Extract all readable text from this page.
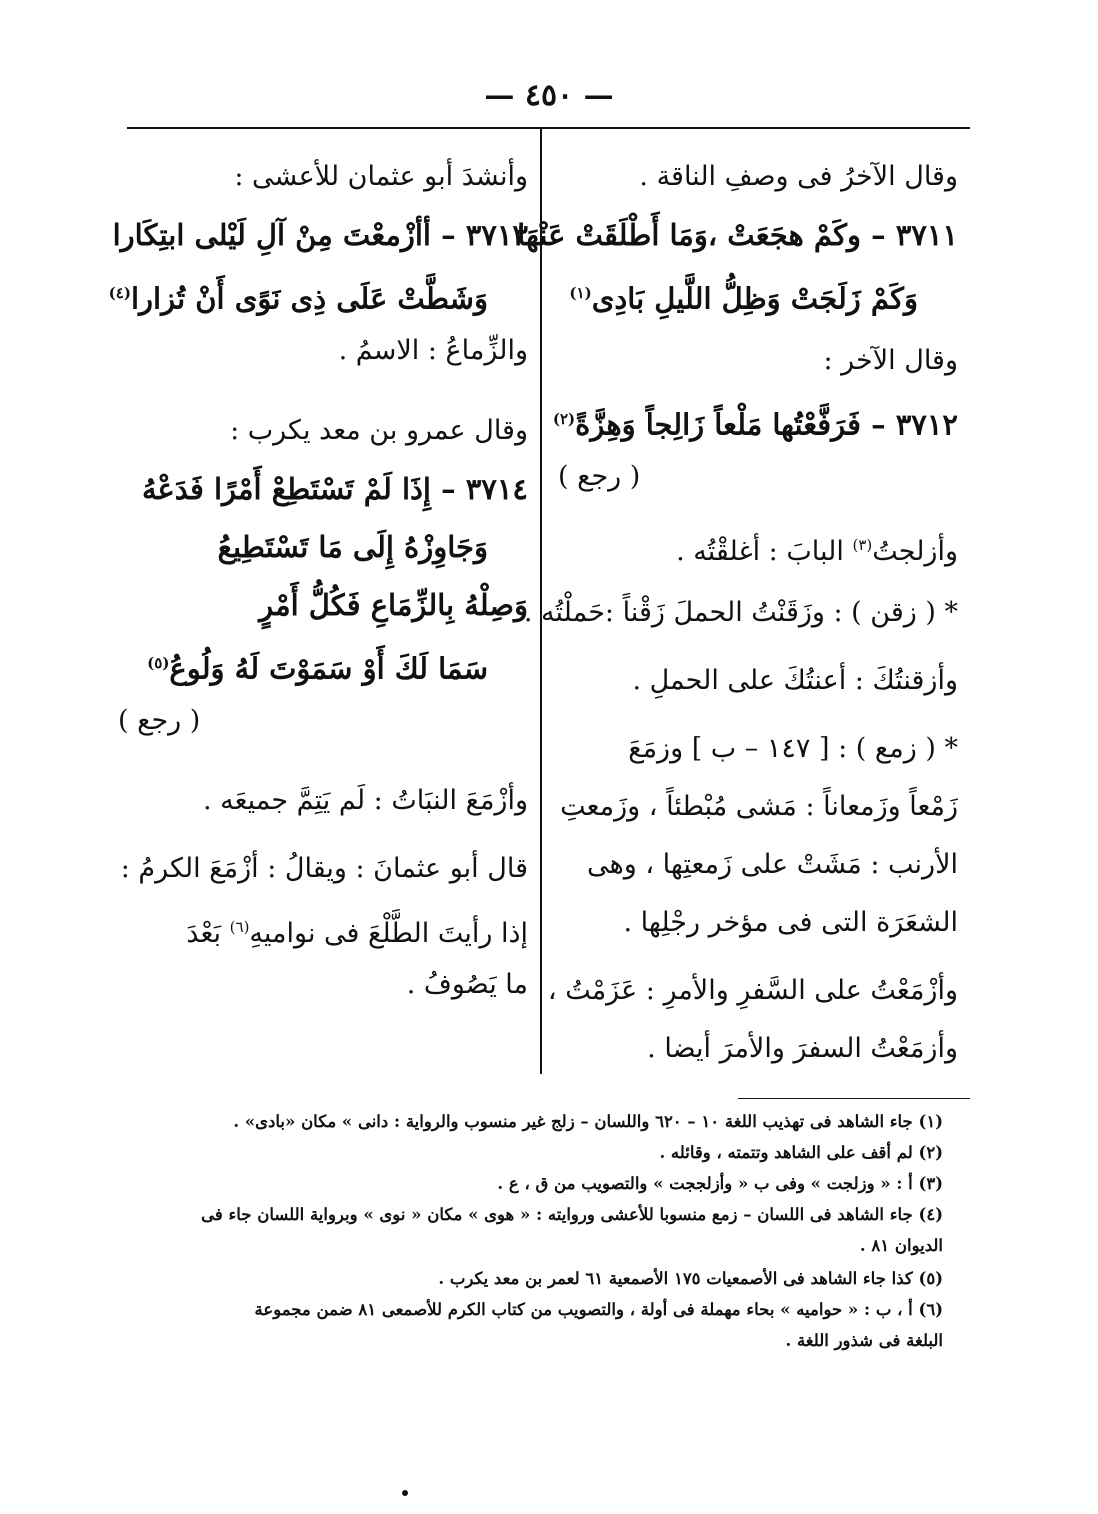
— ٤٥٠ —
وقال الآخرُ فى وصفِ الناقة .
٣٧١١ – وكَمْ هجَعَتْ ،وَمَا أَطْلَقَتْ عَنْهَا
وَكَمْ زَلَجَتْ وَظِلُّ اللَّيلِ بَادِى$^{(١)}$
وقال الآخر :
٣٧١٢ – فَرَفَّعْتُها مَلْعاً زَالِجاً وَهِزَّةً$^{(٢)}$
( رجع )
وأزلجتُ$^{(٣)}$ البابَ : أغلقْتُه .
* ( زقن ) : وزَقَنْتُ الحملَ زَقْناً :حَملْتُه .
وأزقنتُكَ : أعنتُكَ على الحملِ .
* ( زمع ) : [ ١٤٧ – ب ] وزمَعَ
زَمْعاً وزَمعاناً : مَشى مُبْطئاً ، وزَمعتِ
الأرنب : مَشَتْ على زَمعتِها ، وهى
الشعَرَة التى فى مؤخر رجْلِها .
وأزْمَعْتُ على السَّفرِ والأمرِ : عَزَمْتُ ،
وأزمَعْتُ السفرَ والأمرَ أيضا .
وأنشدَ أبو عثمان للأعشى :
٣٧١٣ – أأزْمعْتَ مِنْ آلِ لَيْلى ابتِكَارا
وَشَطَّتْ عَلَى ذِى نَوًى أَنْ تُزارا$^{(٤)}$
والزِّماعُ : الاسمُ .
وقال عمرو بن معد يكرب :
٣٧١٤ – إِذَا لَمْ تَسْتَطِعْ أَمْرًا فَدَعْهُ
وَجَاوِزْهُ إِلَى مَا تَسْتَطِيعُ
وَصِلْهُ بِالزِّمَاعِ فَكُلُّ أَمْرٍ
سَمَا لَكَ أَوْ سَمَوْتَ لَهُ وَلُوعُ$^{(٥)}$
( رجع )
وأزْمَعَ النبَاتُ : لَم يَتِمَّ جميعَه .
قال أبو عثمانَ : ويقالُ : أزْمَعَ الكرمُ :
إذا رأيتَ الطَّلْعَ فى نواميهِ$^{(٦)}$ بَعْدَ
ما يَصُوفُ .
(١) جاء الشاهد فى تهذيب اللغة ١٠ – ٦٢٠ واللسان – زلج غير منسوب والرواية : دانى » مكان «بادى» .
(٢) لم أقف على الشاهد وتتمته ، وقائله .
(٣) أ : « وزلجت » وفى ب « وأزلججت » والتصويب من ق ، ع .
(٤) جاء الشاهد فى اللسان – زمع منسوبا للأعشى وروايته : « هوى » مكان « نوى » وبرواية اللسان جاء فى
الديوان ٨١ .
(٥) كذا جاء الشاهد فى الأصمعيات ١٧٥ الأصمعية ٦١ لعمر بن معد يكرب .
(٦) أ ، ب : « حواميه » بحاء مهملة فى أولة ، والتصويب من كتاب الكرم للأصمعى ٨١ ضمن مجموعة
البلغة فى شذور اللغة .
